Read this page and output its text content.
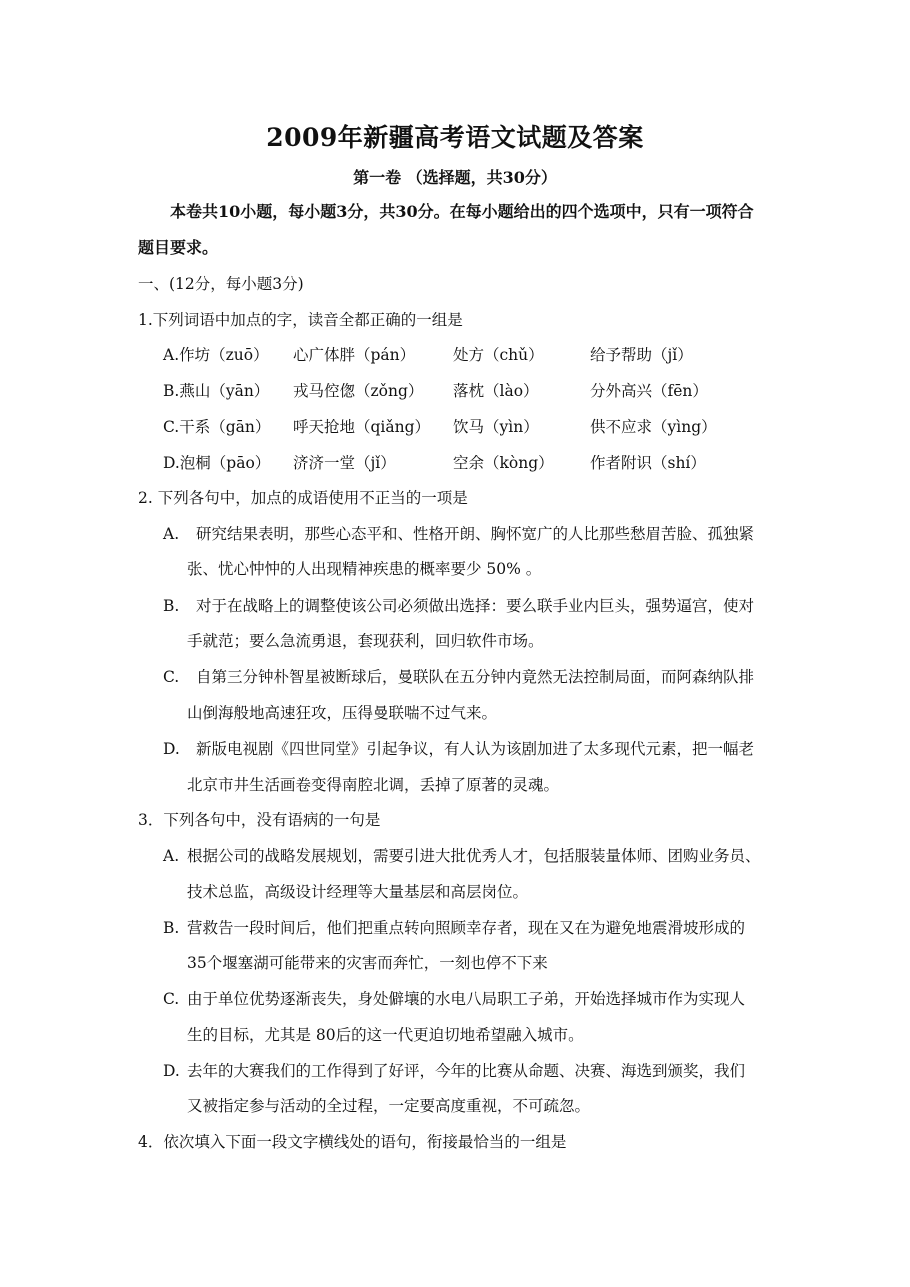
2009年新疆高考语文试题及答案
第一卷 （选择题，共30分）
本卷共10小题，每小题3分，共30分。在每小题给出的四个选项中，只有一项符合
题目要求。
一、(12分，每小题3分)
1.下列词语中加点的字，读音全都正确的一组是
A.作坊（zuō） 心广体胖（pán） 处方（chǔ）	给予帮助（jǐ）
B.燕山（yān） 戎马倥偬（zǒng） 落枕（lào）	分外高兴（fēn）
C.干系（gān） 呼天抢地（qiǎng） 饮马（yìn）	供不应求（yìng）
D.泡桐（pāo） 济济一堂（jǐ）	空余（kòng） 作者附识（shí）
2. 下列各句中，加点的成语使用不正当的一项是
A. 研究结果表明，那些心态平和、性格开朗、胸怀宽广的人比那些愁眉苦脸、孤独紧
张、忧心忡忡的人出现精神疾患的概率要少 50% 。
B. 对于在战略上的调整使该公司必须做出选择：要么联手业内巨头，强势逼宫，使对
手就范；要么急流勇退，套现获利，回归软件市场。
C. 自第三分钟朴智星被断球后，曼联队在五分钟内竟然无法控制局面，而阿森纳队排
山倒海般地高速狂攻，压得曼联喘不过气来。
D. 新版电视剧《四世同堂》引起争议，有人认为该剧加进了太多现代元素，把一幅老
北京市井生活画卷变得南腔北调，丢掉了原著的灵魂。
3．下列各句中，没有语病的一句是
A. 根据公司的战略发展规划，需要引进大批优秀人才，包括服装量体师、团购业务员、
技术总监，高级设计经理等大量基层和高层岗位。
B. 营救告一段时间后，他们把重点转向照顾幸存者，现在又在为避免地震滑坡形成的
35个堰塞湖可能带来的灾害而奔忙，一刻也停不下来
C. 由于单位优势逐渐丧失，身处僻壤的水电八局职工子弟，开始选择城市作为实现人
生的目标，尤其是 80后的这一代更迫切地希望融入城市。
D. 去年的大赛我们的工作得到了好评，今年的比赛从命题、决赛、海选到颁奖，我们
又被指定参与活动的全过程，一定要高度重视，不可疏忽。
4．依次填入下面一段文字横线处的语句，衔接最恰当的一组是
